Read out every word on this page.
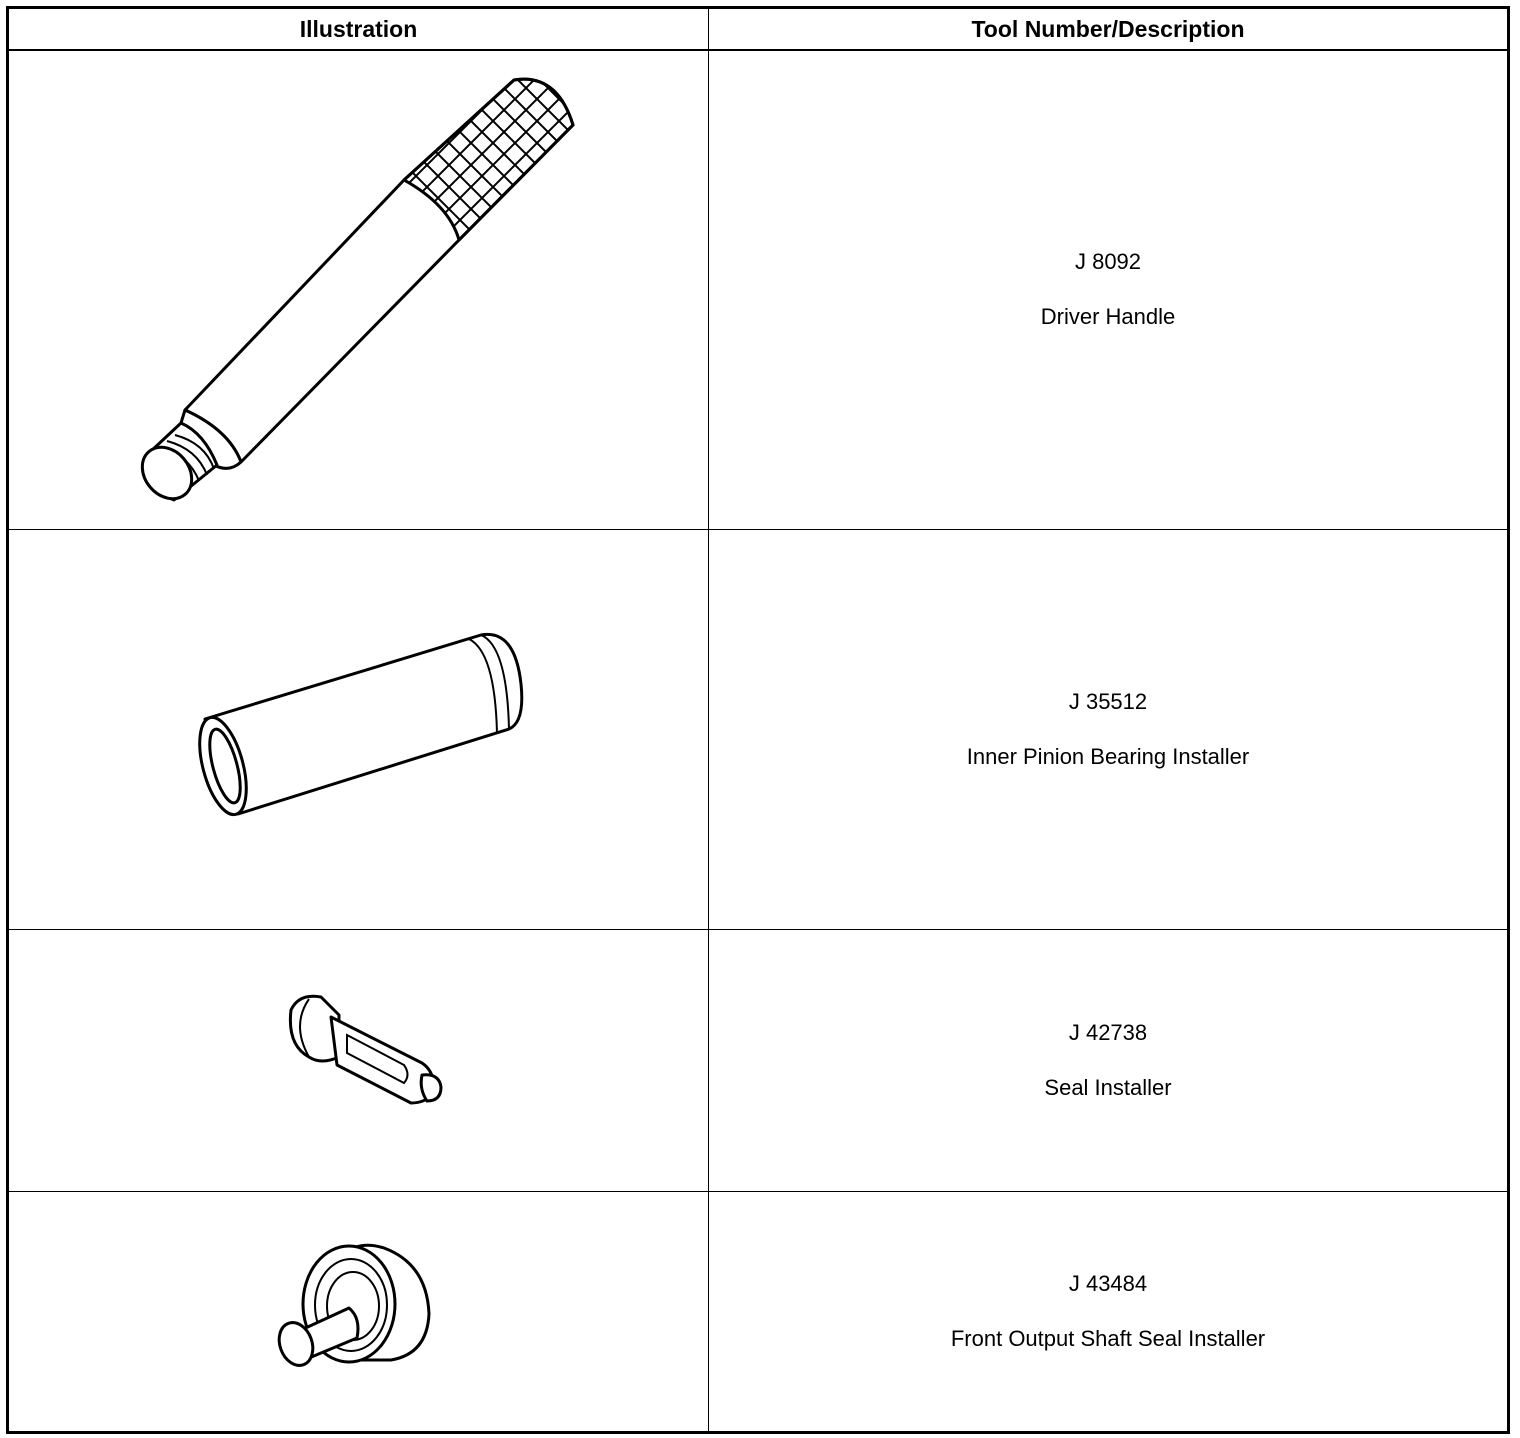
Illustration	Tool Number/Description

J 8092
Driver Handle

J 35512
Inner Pinion Bearing Installer

J 42738
Seal Installer

J 43484
Front Output Shaft Seal Installer
